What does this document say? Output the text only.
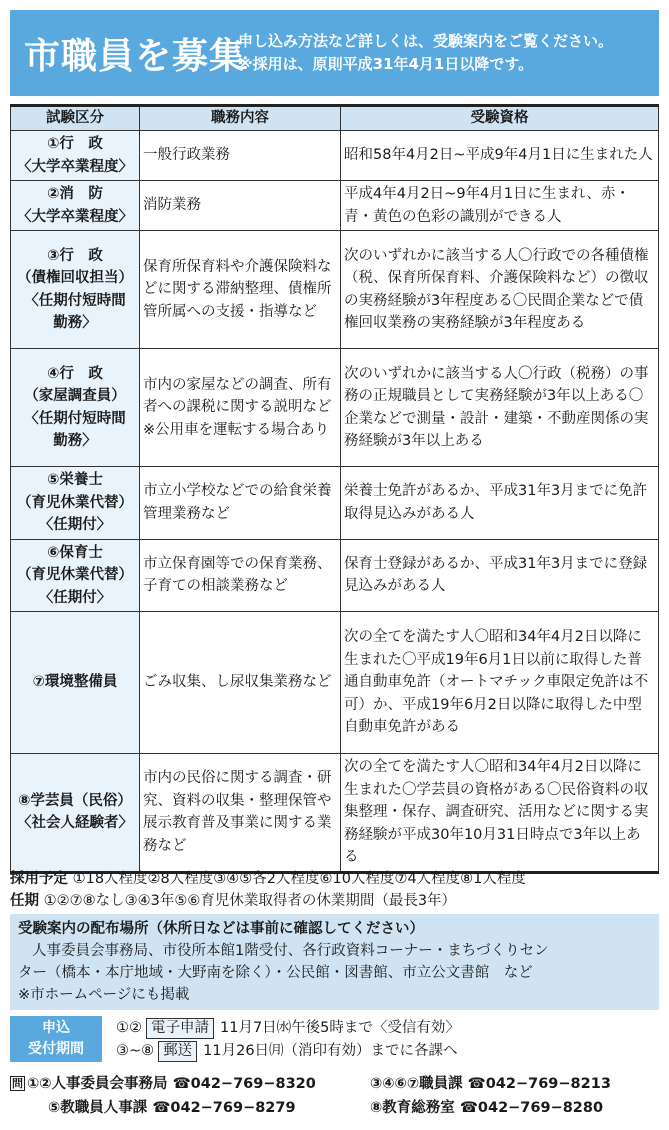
市職員を募集
申し込み方法など詳しくは、受験案内をご覧ください。
※採用は、原則平成31年4月1日以降です。
試験区分	職務内容	受験資格

①行　政
〈大学卒業程度〉	一般行政業務	昭和58年4月2日~平成9年4月1日に生まれた人

②消　防
〈大学卒業程度〉	消防業務	平成4年4月2日~9年4月1日に生まれ、赤・青・黄色の色彩の識別ができる人

③行　政
（債権回収担当）
〈任期付短時間
勤務〉	保育所保育料や介護保険料などに関する滞納整理、債権所管所属への支援・指導など	次のいずれかに該当する人〇行政での各種債権（税、保育所保育料、介護保険料など）の徴収の実務経験が3年程度ある〇民間企業などで債権回収業務の実務経験が3年程度ある

④行　政
（家屋調査員）
〈任期付短時間
勤務〉	市内の家屋などの調査、所有者への課税に関する説明など　※公用車を運転する場合あり	次のいずれかに該当する人〇行政（税務）の事務の正規職員として実務経験が3年以上ある〇企業などで測量・設計・建築・不動産関係の実務経験が3年以上ある

⑤栄養士
（育児休業代替）
〈任期付〉	市立小学校などでの給食栄養管理業務など	栄養士免許があるか、平成31年3月までに免許取得見込みがある人

⑥保育士
（育児休業代替）
〈任期付〉	市立保育園等での保育業務、子育ての相談業務など	保育士登録があるか、平成31年3月までに登録見込みがある人

⑦環境整備員	ごみ収集、し尿収集業務など	次の全てを満たす人〇昭和34年4月2日以降に生まれた〇平成19年6月1日以前に取得した普通自動車免許（オートマチック車限定免許は不可）か、平成19年6月2日以降に取得した中型自動車免許がある

⑧学芸員（民俗）
〈社会人経験者〉	市内の民俗に関する調査・研究、資料の収集・整理保管や展示教育普及事業に関する業務など	次の全てを満たす人〇昭和34年4月2日以降に生まれた〇学芸員の資格がある〇民俗資料の収集整理・保存、調査研究、活用などに関する実務経験が平成30年10月31日時点で3年以上ある
採用予定 ①18人程度②8人程度③④⑤各2人程度⑥10人程度⑦4人程度⑧1人程度
任期 ①②⑦⑧なし③④3年⑤⑥育児休業取得者の休業期間（最長3年）
受験案内の配布場所（休所日などは事前に確認してください）
人事委員会事務局、市役所本館1階受付、各行政資料コーナー・まちづくりセン
ター（橋本・本庁地域・大野南を除く）・公民館・図書館、市立公文書館　など
※市ホームページにも掲載
申込
受付期間
①② 電子申請 11月7日㈬午後5時まで〈受信有効〉
③~⑧ 郵送 11月26日㈪（消印有効）までに各課へ
問 ①②人事委員会事務局 ☎042−769−8320	③④⑥⑦職員課 ☎042−769−8213
⑤教職員人事課 ☎042−769−8279	⑧教育総務室 ☎042−769−8280
